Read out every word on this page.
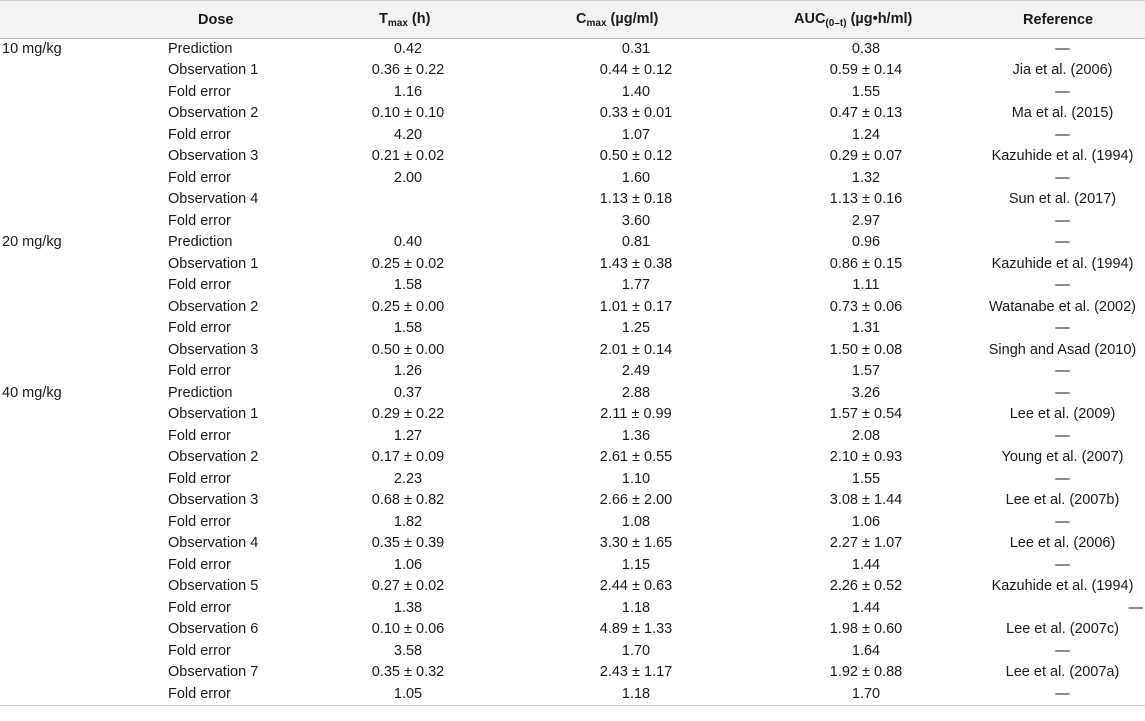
	Dose	$T_{max}$ (h)	$C_{max}$ (µg/ml)	$AUC_{(0-t)}$ (µg•h/ml)	Reference
10 mg/kg	Prediction	0.42	0.31	0.38	—
	Observation 1	0.36 ± 0.22	0.44 ± 0.12	0.59 ± 0.14	Jia et al. (2006)
	Fold error	1.16	1.40	1.55	—
	Observation 2	0.10 ± 0.10	0.33 ± 0.01	0.47 ± 0.13	Ma et al. (2015)
	Fold error	4.20	1.07	1.24	—
	Observation 3	0.21 ± 0.02	0.50 ± 0.12	0.29 ± 0.07	Kazuhide et al. (1994)
	Fold error	2.00	1.60	1.32	—
	Observation 4		1.13 ± 0.18	1.13 ± 0.16	Sun et al. (2017)
	Fold error		3.60	2.97	—
20 mg/kg	Prediction	0.40	0.81	0.96	—
	Observation 1	0.25 ± 0.02	1.43 ± 0.38	0.86 ± 0.15	Kazuhide et al. (1994)
	Fold error	1.58	1.77	1.11	—
	Observation 2	0.25 ± 0.00	1.01 ± 0.17	0.73 ± 0.06	Watanabe et al. (2002)
	Fold error	1.58	1.25	1.31	—
	Observation 3	0.50 ± 0.00	2.01 ± 0.14	1.50 ± 0.08	Singh and Asad (2010)
	Fold error	1.26	2.49	1.57	—
40 mg/kg	Prediction	0.37	2.88	3.26	—
	Observation 1	0.29 ± 0.22	2.11 ± 0.99	1.57 ± 0.54	Lee et al. (2009)
	Fold error	1.27	1.36	2.08	—
	Observation 2	0.17 ± 0.09	2.61 ± 0.55	2.10 ± 0.93	Young et al. (2007)
	Fold error	2.23	1.10	1.55	—
	Observation 3	0.68 ± 0.82	2.66 ± 2.00	3.08 ± 1.44	Lee et al. (2007b)
	Fold error	1.82	1.08	1.06	—
	Observation 4	0.35 ± 0.39	3.30 ± 1.65	2.27 ± 1.07	Lee et al. (2006)
	Fold error	1.06	1.15	1.44	—
	Observation 5	0.27 ± 0.02	2.44 ± 0.63	2.26 ± 0.52	Kazuhide et al. (1994)
	Fold error	1.38	1.18	1.44	—
	Observation 6	0.10 ± 0.06	4.89 ± 1.33	1.98 ± 0.60	Lee et al. (2007c)
	Fold error	3.58	1.70	1.64	—
	Observation 7	0.35 ± 0.32	2.43 ± 1.17	1.92 ± 0.88	Lee et al. (2007a)
	Fold error	1.05	1.18	1.70	—
